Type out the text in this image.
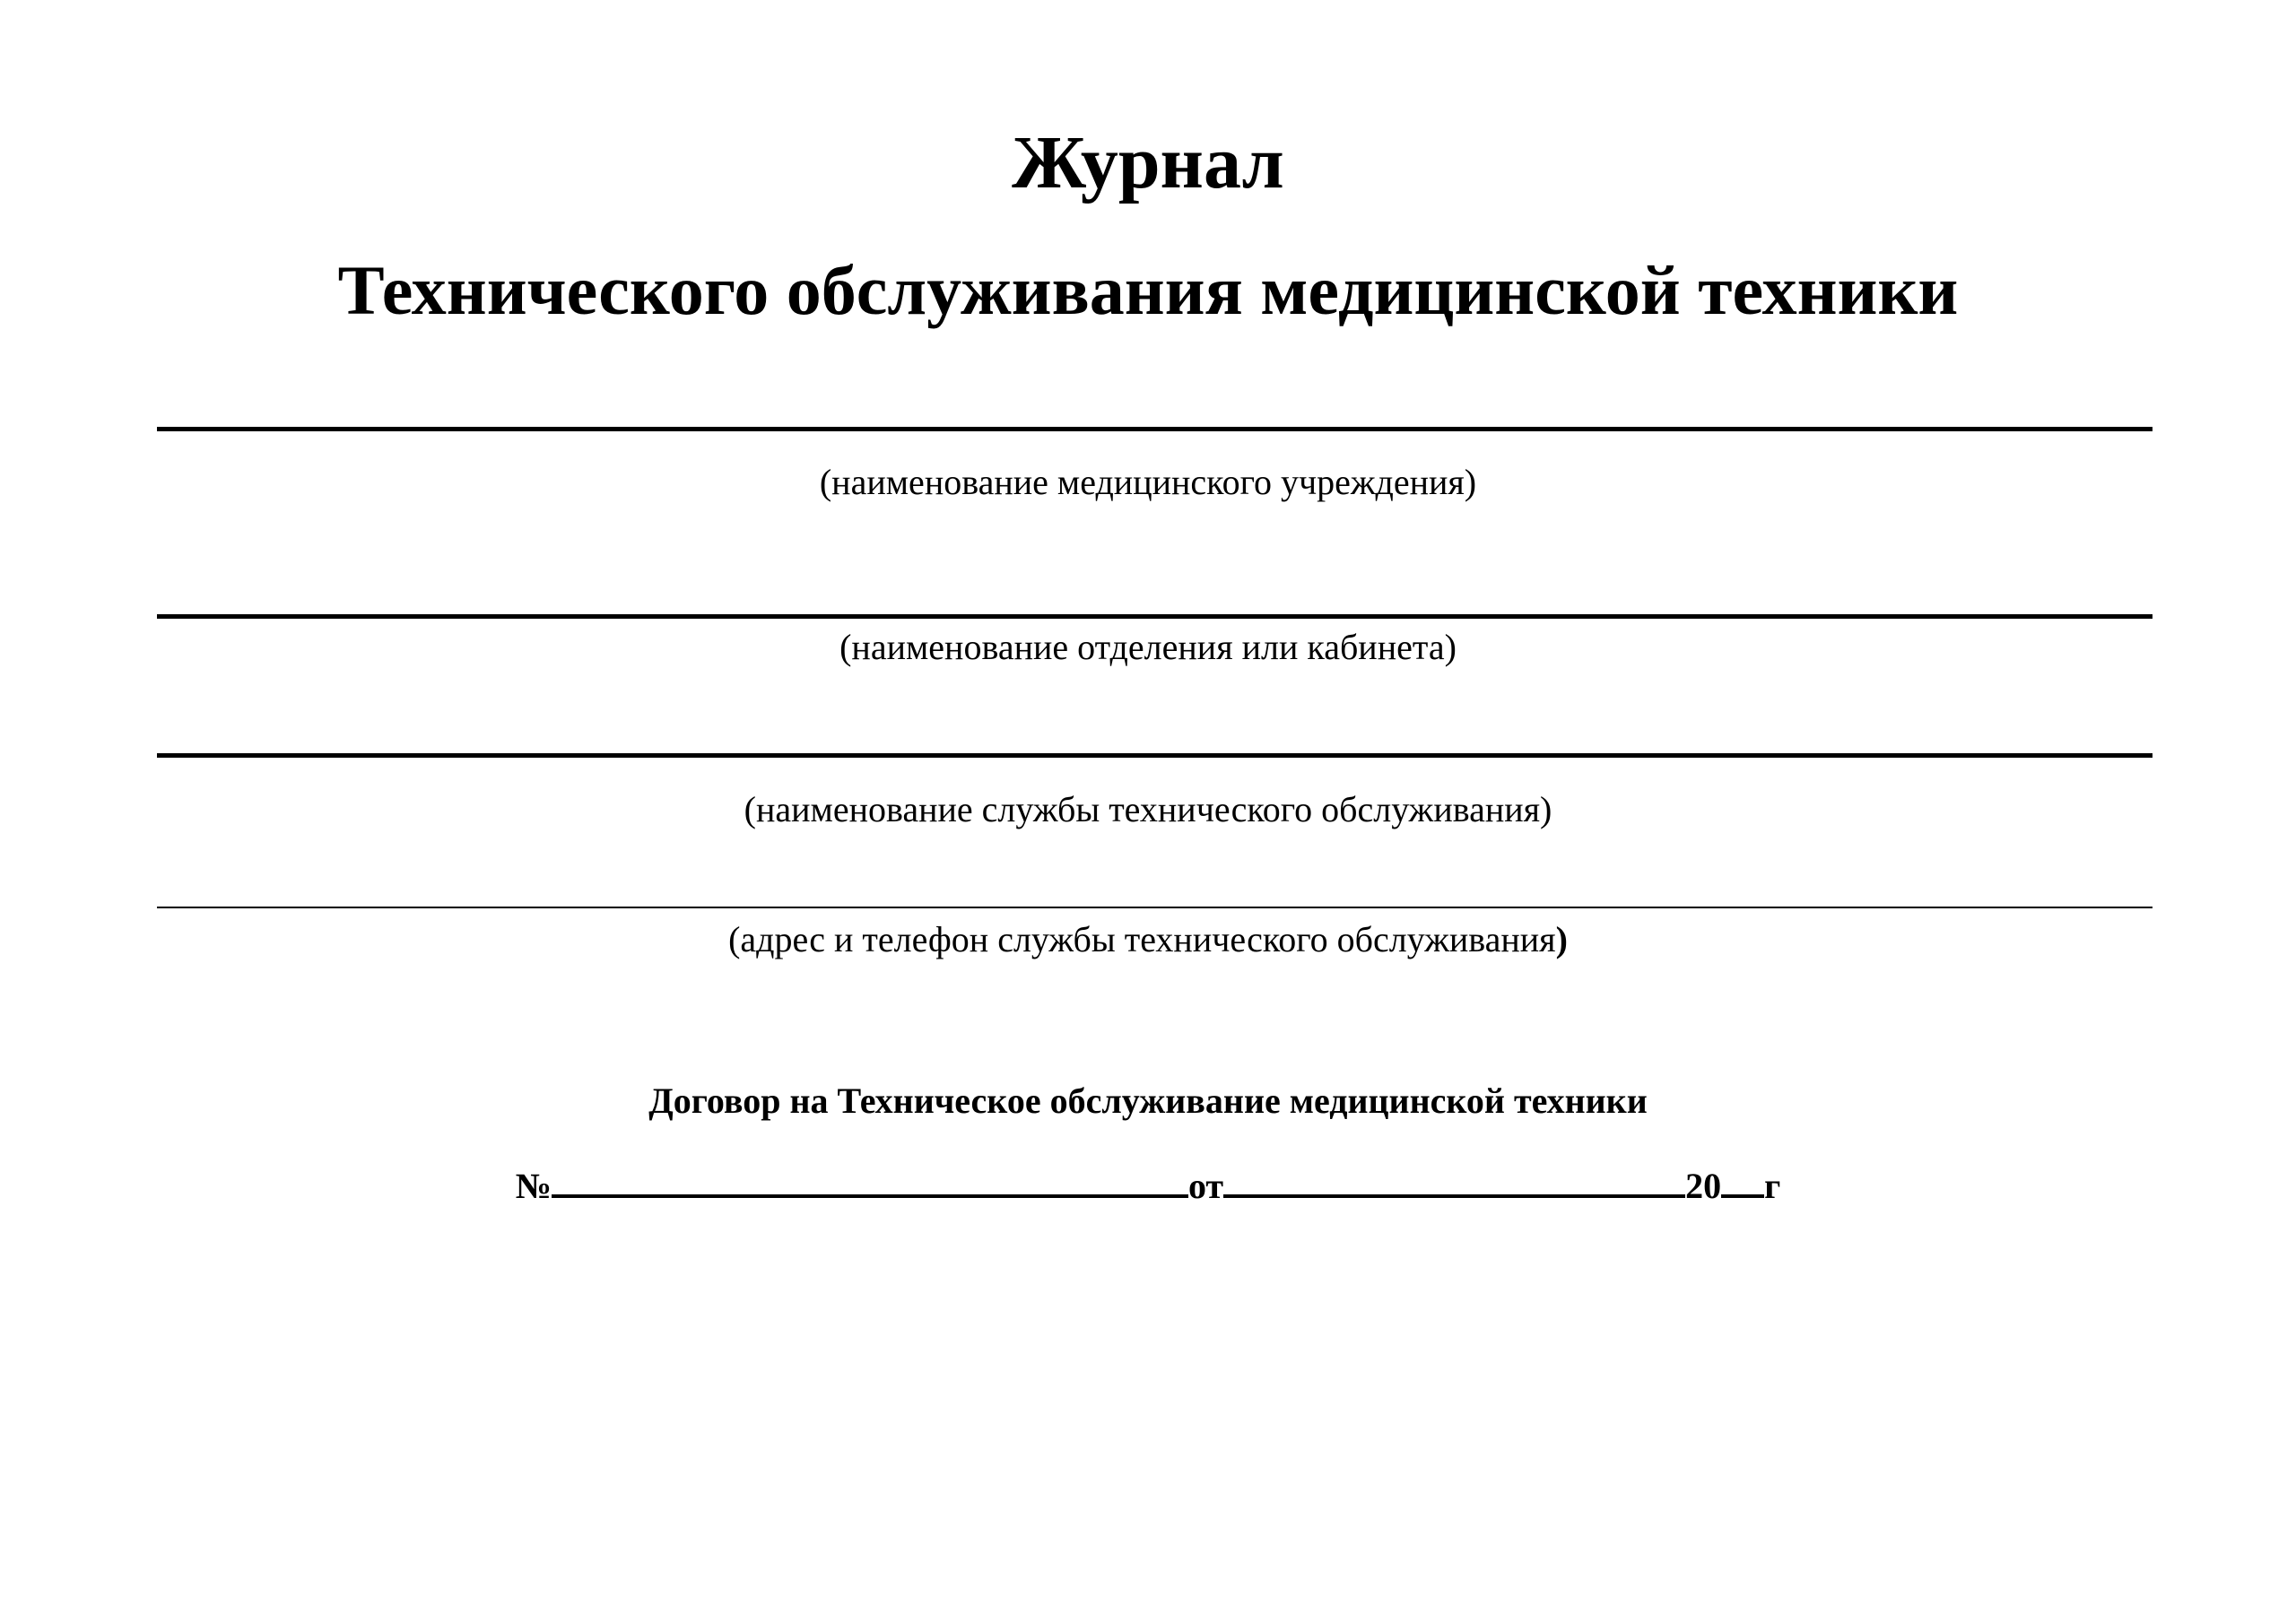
Журнал
Технического обслуживания медицинской техники
(наименование медицинского учреждения)
(наименование отделения или кабинета)
(наименование службы технического обслуживания)
(адрес и телефон службы технического обслуживания)
Договор на Техническое обслуживание медицинской техники
№	от	20 г
